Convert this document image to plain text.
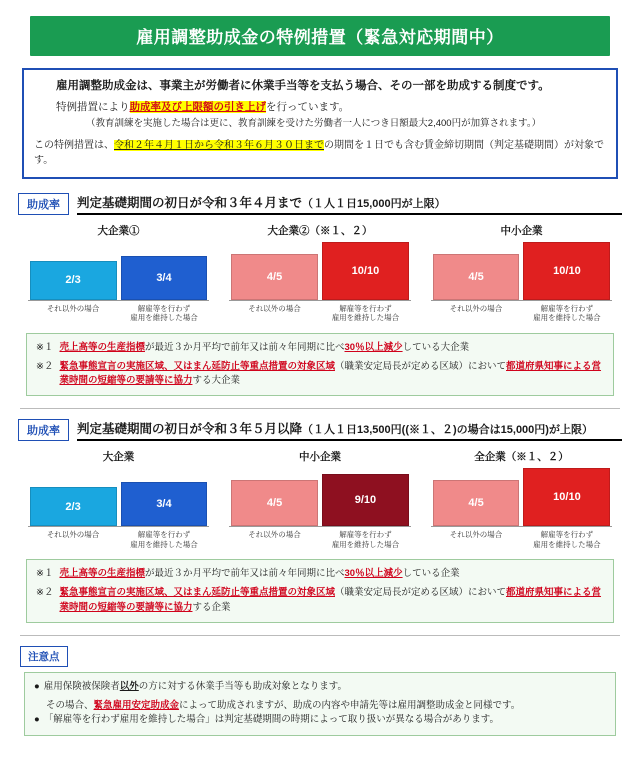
雇用調整助成金の特例措置（緊急対応期間中）
雇用調整助成金は、事業主が労働者に休業手当等を支払う場合、その一部を助成する制度です。
特例措置により助成率及び上限額の引き上げを行っています。
（教育訓練を実施した場合は更に、教育訓練を受けた労働者一人につき日額最大2,400円が加算されます。）
この特例措置は、令和２年４月１日から令和３年６月３０日までの期間を１日でも含む賃金締切期間（判定基礎期間）が対象です。
助成率	判定基礎期間の初日が令和３年４月まで（１人１日15,000円が上限）
大企業①
2/3	3/4
それ以外の場合	解雇等を行わず
雇用を維持した場合
大企業②（※１、２）
4/5	10/10
それ以外の場合	解雇等を行わず
雇用を維持した場合
中小企業
4/5	10/10
それ以外の場合	解雇等を行わず
雇用を維持した場合
※１ 売上高等の生産指標が最近３か月平均で前年又は前々年同期に比べ30％以上減少している大企業
※２ 緊急事態宣言の実施区域、又はまん延防止等重点措置の対象区域（職業安定局長が定める区域）において都道府県知事による営業時間の短縮等の要請等に協力する大企業
助成率	判定基礎期間の初日が令和３年５月以降（１人１日13,500円((※１、２)の場合は15,000円)が上限）
大企業
2/3	3/4
それ以外の場合	解雇等を行わず
雇用を維持した場合
中小企業
4/5	9/10
それ以外の場合	解雇等を行わず
雇用を維持した場合
全企業（※１、２）
4/5	10/10
それ以外の場合	解雇等を行わず
雇用を維持した場合
※１ 売上高等の生産指標が最近３か月平均で前年又は前々年同期に比べ30％以上減少している企業
※２ 緊急事態宣言の実施区域、又はまん延防止等重点措置の対象区域（職業安定局長が定める区域）において都道府県知事による営業時間の短縮等の要請等に協力する企業
注意点
● 雇用保険被保険者以外の方に対する休業手当等も助成対象となります。
その場合、緊急雇用安定助成金によって助成されますが、助成の内容や申請先等は雇用調整助成金と同様です。
● 「解雇等を行わず雇用を維持した場合」は判定基礎期間の時期によって取り扱いが異なる場合があります。
